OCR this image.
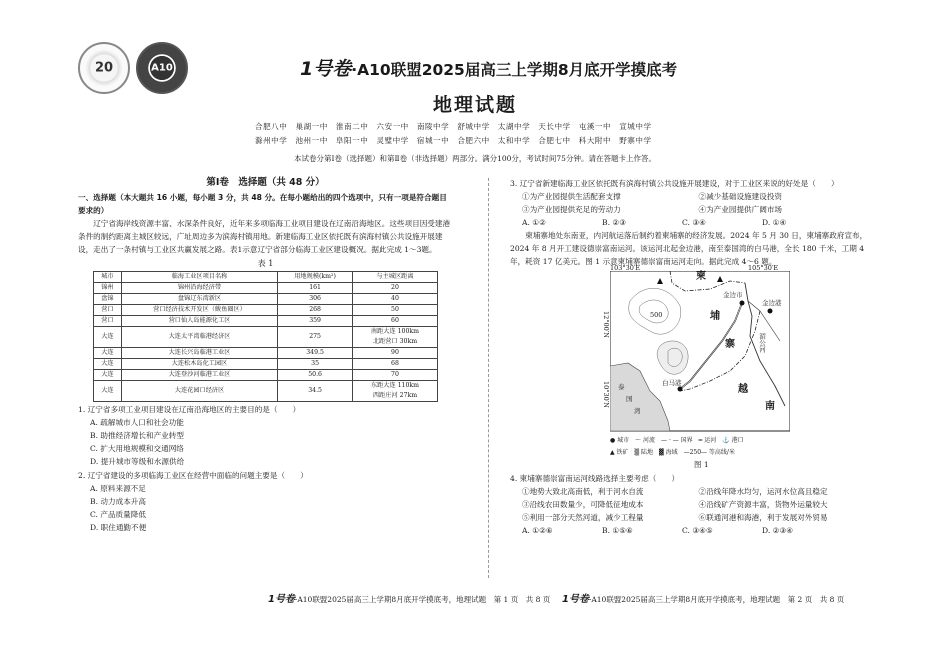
20	A10	1号卷·A10联盟2025届高三上学期8月底开学摸底考
地理试题
合肥八中　巢湖一中　淮南二中　六安一中　南陵中学　舒城中学　太湖中学　天长中学　屯溪一中　宣城中学
滁州中学　池州一中　阜阳一中　灵璧中学　宿城一中　合肥六中　太和中学　合肥七中　科大附中　野寨中学
本试卷分第Ⅰ卷（选择题）和第Ⅱ卷（非选择题）两部分。满分100分，考试时间75分钟。请在答题卡上作答。
第Ⅰ卷　选择题（共 48 分）
一、选择题（本大题共 16 小题，每小题 3 分，共 48 分。在每小题给出的四个选项中，只有一项是符合题目要求的）
辽宁省海岸线资源丰富、水深条件良好，近年来多项临海工业项目建设在辽南沿海地区。这些项目因受建港条件的制约距离主城区较远，广址周边多为滨海村镇用地。新建临海工业区依托既有滨海村镇公共设施开展建设，走出了一条村镇与工业区共赢发展之路。表1示意辽宁省部分临海工业区建设概况。据此完成 1～3题。
表 1
城市	临海工业区项目名称	用地规模(km²)	与主城区距离
锦州	锦州沿海经济带	161	20
盘锦	盘锦辽东湾新区	306	40
营口	营口经济技术开发区（鲅鱼圈区）	268	50
营口	营口仙人岛能源化工区	359	60
大连	大连太平湾临港经济区	275	南距大连 100km
北距营口 30km
大连	大连长兴岛临港工业区	349.5	90
大连	大连松木岛化工园区	35	68
大连	大连登沙河临港工业区	50.6	70
大连	大连花园口经济区	34.5	东距大连 110km
西距庄河 27km
1. 辽宁省多项工业项目建设在辽南沿海地区的主要目的是（　　）
A. 疏解城市人口和社会功能
B. 助推经济增长和产业转型
C. 扩大用地规模和交通网络
D. 提升城市等级和水源供给
2. 辽宁省建设的多项临海工业区在经营中面临的问题主要是（　　）
A. 原料来源不足
B. 动力成本升高
C. 产品质量降低
D. 职住通勤不便
3. 辽宁省新建临海工业区依托既有滨海村镇公共设施开展建设，对于工业区来说的好处是（　　）
①为产业园提供生活配套支撑	②减少基础设施建设投资
③为产业园提供充足的劳动力	④为产业园提供广阔市场
A. ①②	B. ②③	C. ③④	D. ①④
柬埔寨地处东南亚，内河航运落后制约着柬埔寨的经济发展。2024 年 5 月 30 日，柬埔寨政府宣布，2024 年 8 月开工建设德崇富南运河。该运河北起金边港，南至泰国湾的白马港，全长 180 千米，工期 4 年，耗资 17 亿美元。图 1 示意柬埔寨德崇富南运河走向。据此完成 4～6 题。
103°30′E	105°30′E
12°00′N
10°30′N
柬
埔
寨
越
南
泰
国
湾
金边市
金边港
白马港
湄公河
500
● 城市　～ 河流　— · — 国界　═ 运河　⚓ 港口
▲ 铁矿　▒ 陆地　▓ 海域　—250— 等高线/米
图 1
4. 柬埔寨德崇富南运河线路选择主要考虑（　　）
①地势大致北高南低，利于河水自流	②沿线年降水均匀，运河水位高且稳定
③沿线农田数量少，可降低征地成本	④沿线矿产资源丰富，货物外运量较大
⑤利用一部分天然河道，减少工程量	⑥联通河港和海港，利于发展对外贸易
A. ①②⑥	B. ①⑤⑥	C. ③④⑤	D. ②③④
1号卷·A10联盟2025届高三上学期8月底开学摸底考，地理试题　第 1 页　共 8 页 1号卷·A10联盟2025届高三上学期8月底开学摸底考，地理试题　第 2 页　共 8 页
